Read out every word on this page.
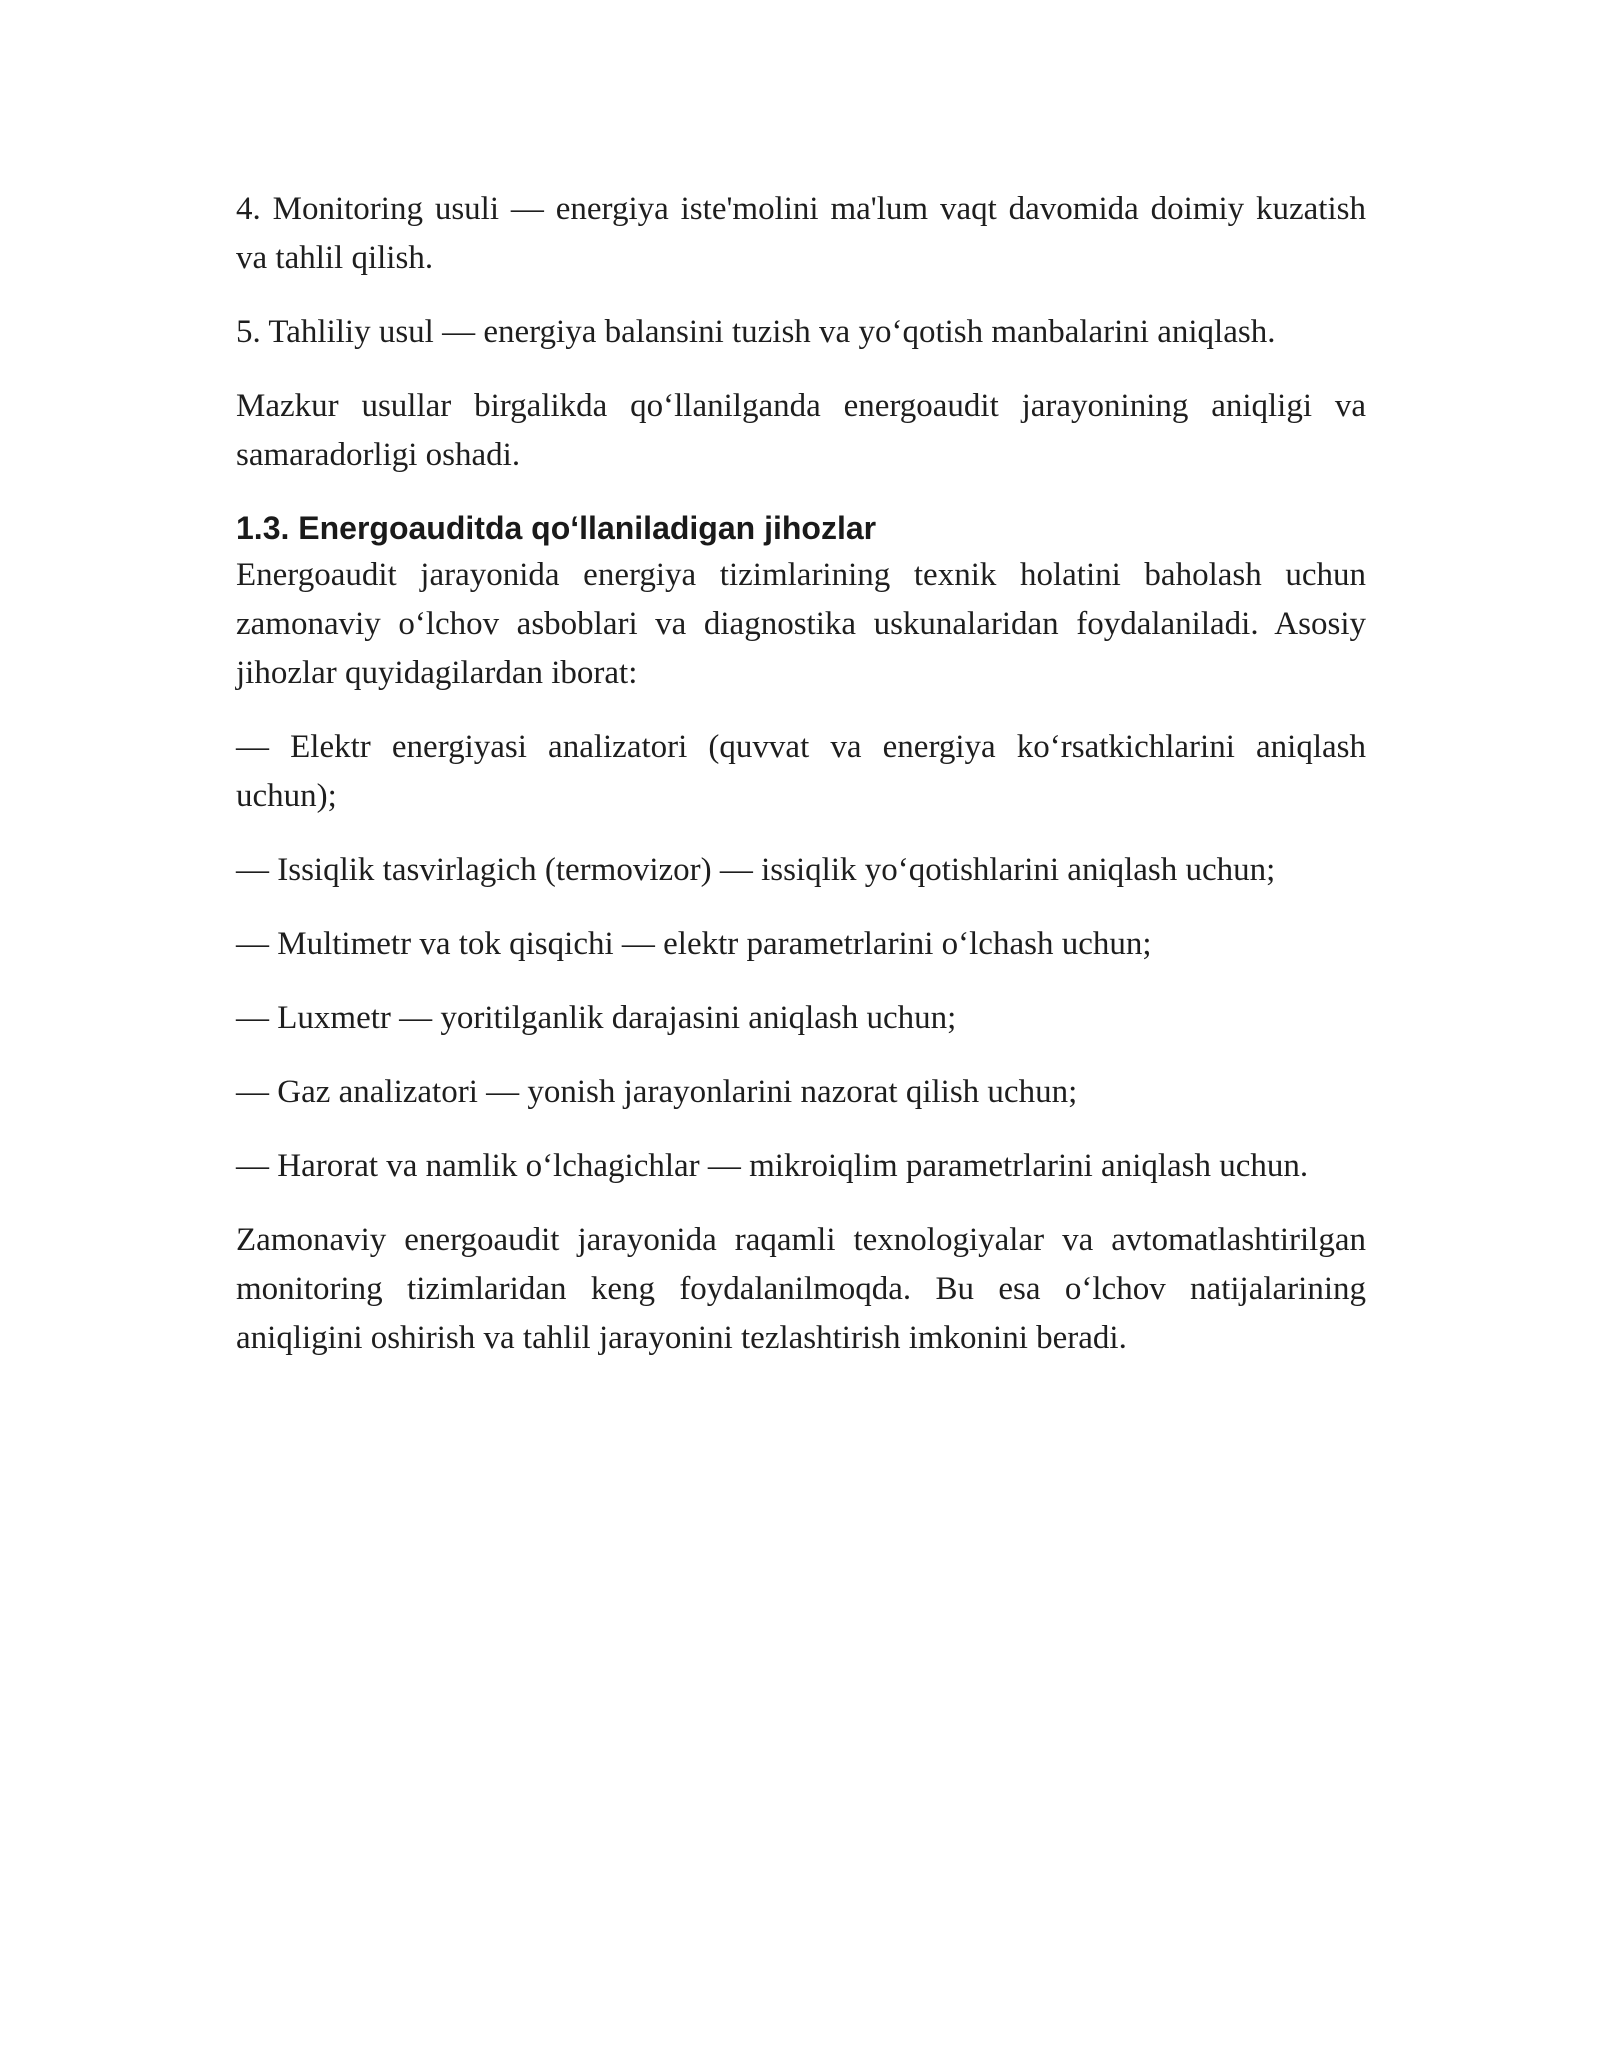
4. Monitoring usuli — energiya iste'molini ma'lum vaqt davomida doimiy kuzatish va tahlil qilish.

5. Tahliliy usul — energiya balansini tuzish va yo‘qotish manbalarini aniqlash.

Mazkur usullar birgalikda qo‘llanilganda energoaudit jarayonining aniqligi va samaradorligi oshadi.

1.3. Energoauditda qo‘llaniladigan jihozlar

Energoaudit jarayonida energiya tizimlarining texnik holatini baholash uchun zamonaviy o‘lchov asboblari va diagnostika uskunalaridan foydalaniladi. Asosiy jihozlar quyidagilardan iborat:

— Elektr energiyasi analizatori (quvvat va energiya ko‘rsatkichlarini aniqlash uchun);

— Issiqlik tasvirlagich (termovizor) — issiqlik yo‘qotishlarini aniqlash uchun;

— Multimetr va tok qisqichi — elektr parametrlarini o‘lchash uchun;

— Luxmetr — yoritilganlik darajasini aniqlash uchun;

— Gaz analizatori — yonish jarayonlarini nazorat qilish uchun;

— Harorat va namlik o‘lchagichlar — mikroiqlim parametrlarini aniqlash uchun.

Zamonaviy energoaudit jarayonida raqamli texnologiyalar va avtomatlashtirilgan monitoring tizimlaridan keng foydalanilmoqda. Bu esa o‘lchov natijalarining aniqligini oshirish va tahlil jarayonini tezlashtirish imkonini beradi.
